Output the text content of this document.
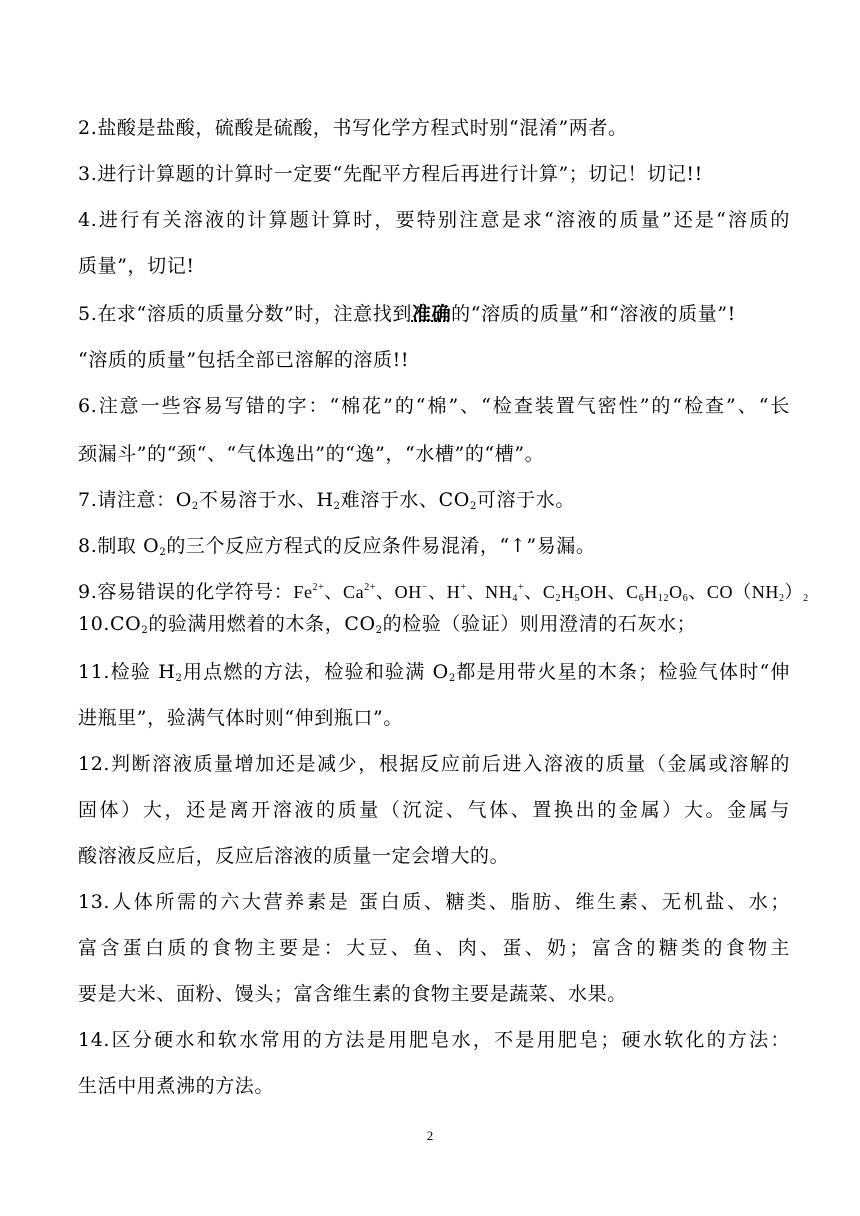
2.盐酸是盐酸，硫酸是硫酸，书写化学方程式时别“混淆”两者。
3.进行计算题的计算时一定要“先配平方程后再进行计算”；切记！切记!!
4.进行有关溶液的计算题计算时，要特别注意是求“溶液的质量”还是“溶质的
质量”，切记!
5.在求“溶质的质量分数”时，注意找到准确的“溶质的质量”和“溶液的质量”!
“溶质的质量”包括全部已溶解的溶质!!
6.注意一些容易写错的字：“棉花”的“棉”、“检查装置气密性”的“检查”、“长
颈漏斗”的“颈“、“气体逸出”的“逸”，“水槽”的“槽”。
7.请注意：$O_2$不易溶于水、$H_2$难溶于水、$CO_2$可溶于水。
8.制取 $O_2$的三个反应方程式的反应条件易混淆，“↑”易漏。
9.容易错误的化学符号：$Fe^{2+}$、$Ca^{2+}$、OH−、H+、$NH_4^+$、$C_2H_5OH$、$C_6H_{12}O_6$、$CO(NH_2)_2$
$10.CO_2$的验满用燃着的木条，$CO_2$的检验（验证）则用澄清的石灰水；
11.检验 $H_2$用点燃的方法，检验和验满 $O_2$都是用带火星的木条；检验气体时“伸
进瓶里”，验满气体时则“伸到瓶口”。
12.判断溶液质量增加还是减少，根据反应前后进入溶液的质量（金属或溶解的
固体）大，还是离开溶液的质量（沉淀、气体、置换出的金属）大。金属与
酸溶液反应后，反应后溶液的质量一定会增大的。
13.人体所需的六大营养素是 蛋白质、糖类、脂肪、维生素、无机盐、水；
富含蛋白质的食物主要是：大豆、鱼、肉、蛋、奶；富含的糖类的食物主
要是大米、面粉、馒头；富含维生素的食物主要是蔬菜、水果。
14.区分硬水和软水常用的方法是用肥皂水，不是用肥皂；硬水软化的方法：
生活中用煮沸的方法。
2
